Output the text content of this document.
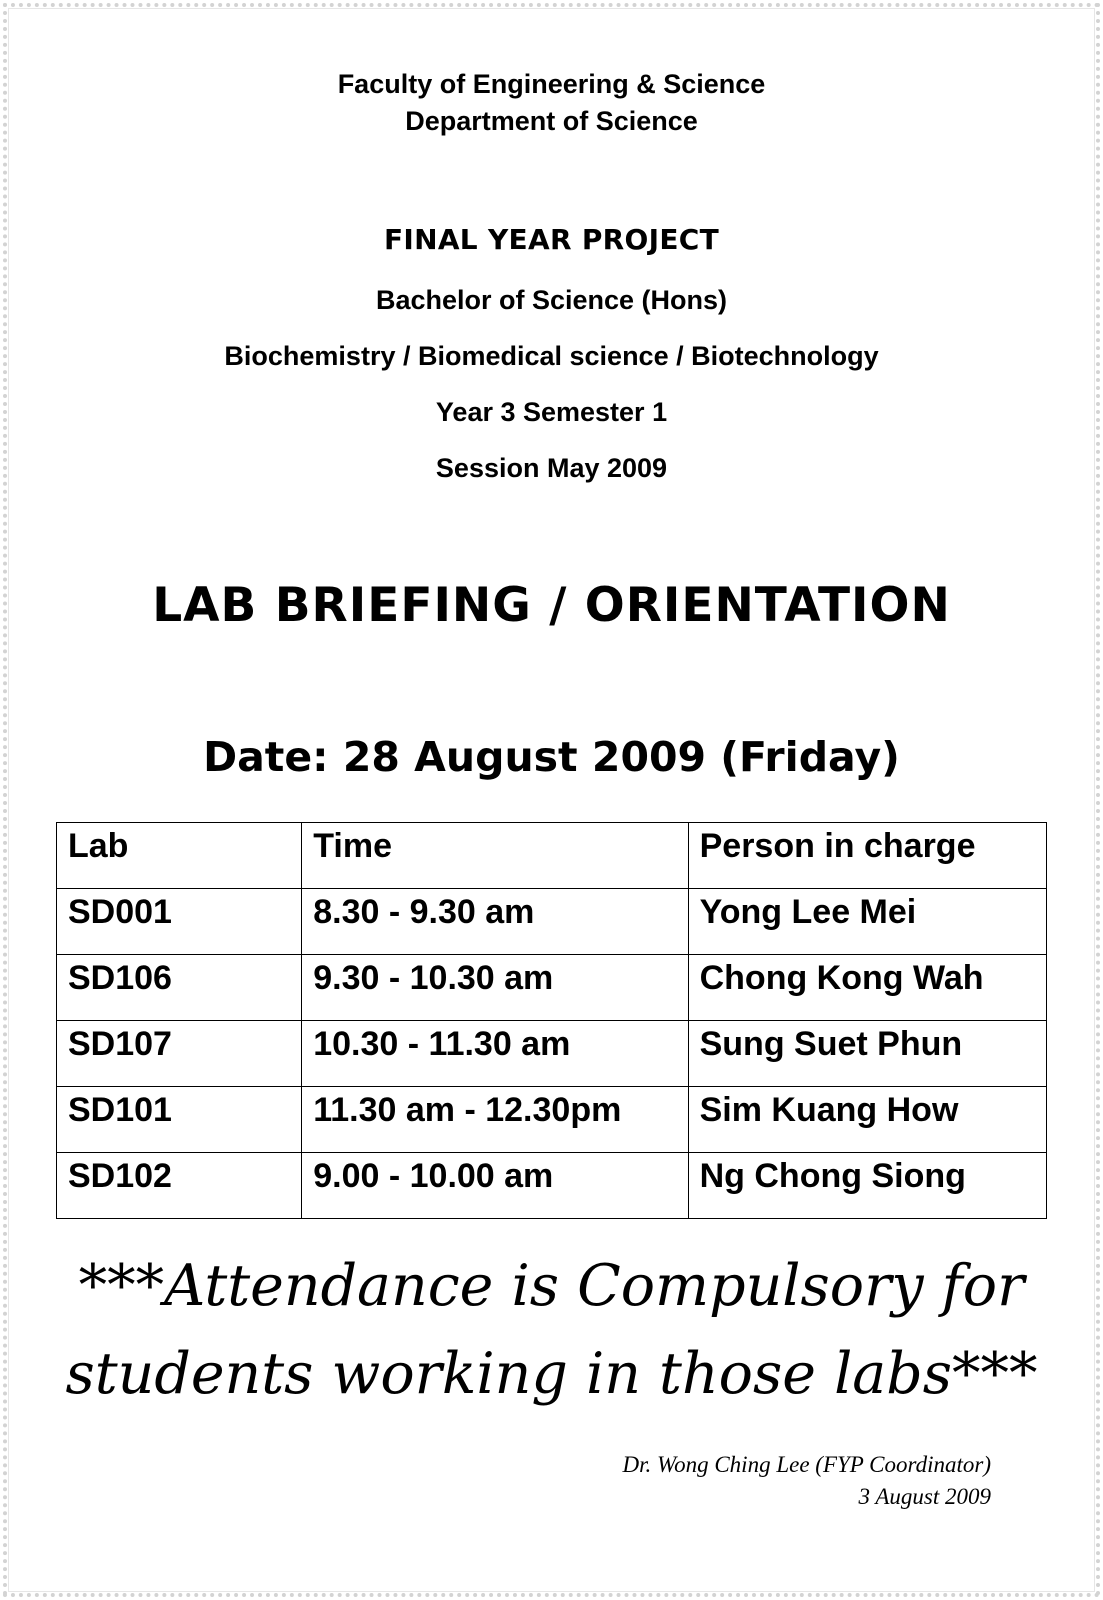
Faculty of Engineering & Science
Department of Science
FINAL YEAR PROJECT
Bachelor of Science (Hons)
Biochemistry / Biomedical science / Biotechnology
Year 3 Semester 1
Session May 2009
LAB BRIEFING / ORIENTATION
Date: 28 August 2009 (Friday)
Lab	Time	Person in charge
SD001	8.30 - 9.30 am	Yong Lee Mei
SD106	9.30 - 10.30 am	Chong Kong Wah
SD107	10.30 - 11.30 am	Sung Suet Phun
SD101	11.30 am - 12.30pm	Sim Kuang How
SD102	9.00 - 10.00 am	Ng Chong Siong
***Attendance is Compulsory for
students working in those labs***
Dr. Wong Ching Lee (FYP Coordinator)
3 August 2009
